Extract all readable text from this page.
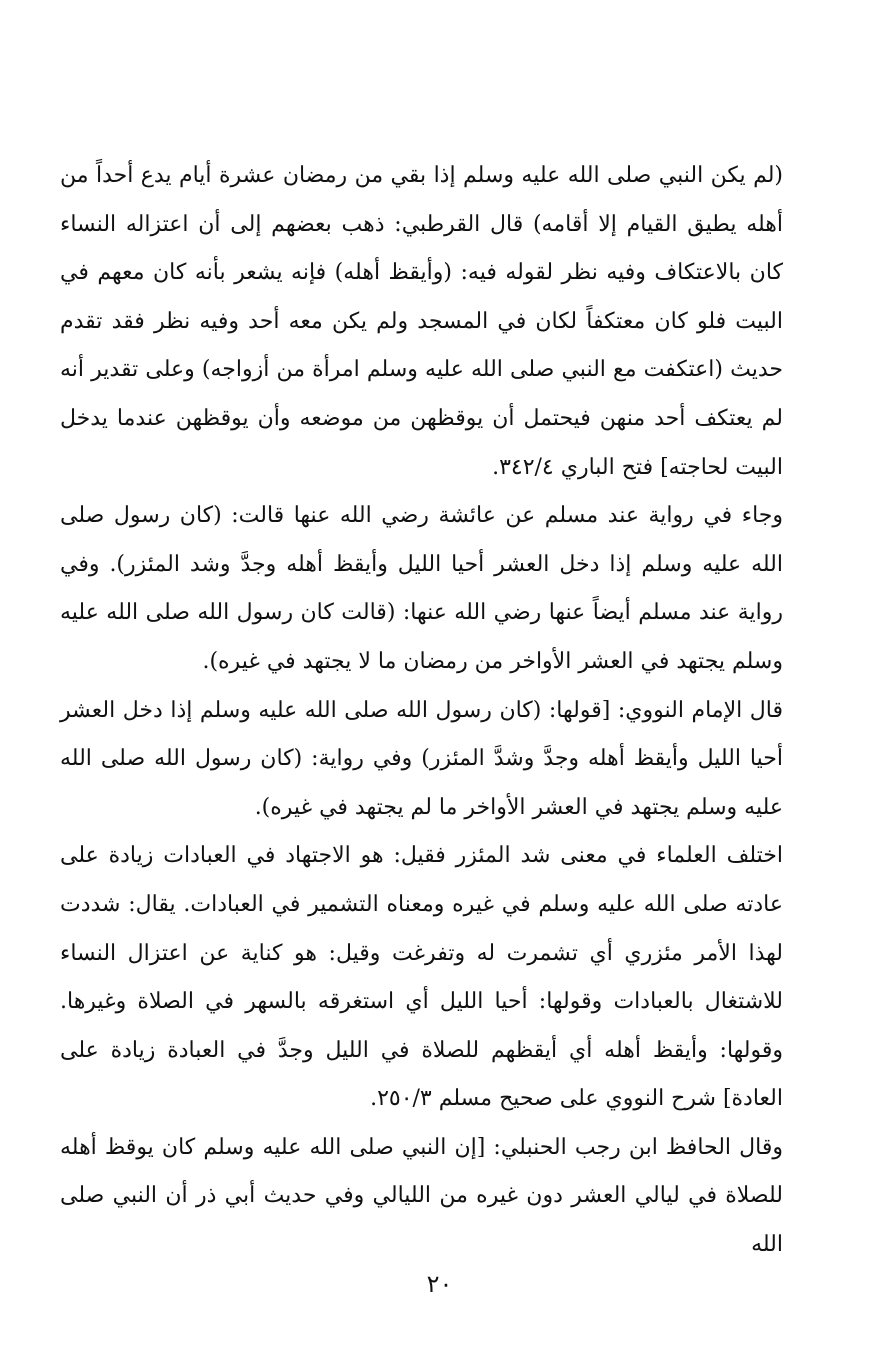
(لم يكن النبي صلى الله عليه وسلم إذا بقي من رمضان عشرة أيام يدع أحداً من أهله يطيق القيام إلا أقامه) قال القرطبي: ذهب بعضهم إلى أن اعتزاله النساء كان بالاعتكاف وفيه نظر لقوله فيه: (وأيقظ أهله) فإنه يشعر بأنه كان معهم في البيت فلو كان معتكفاً لكان في المسجد ولم يكن معه أحد وفيه نظر فقد تقدم حديث (اعتكفت مع النبي صلى الله عليه وسلم امرأة من أزواجه) وعلى تقدير أنه لم يعتكف أحد منهن فيحتمل أن يوقظهن من موضعه وأن يوقظهن عندما يدخل البيت لحاجته] فتح الباري ٣٤٢/٤.

وجاء في رواية عند مسلم عن عائشة رضي الله عنها قالت: (كان رسول صلى الله عليه وسلم إذا دخل العشر أحيا الليل وأيقظ أهله وجدَّ وشد المئزر). وفي رواية عند مسلم أيضاً عنها رضي الله عنها: (قالت كان رسول الله صلى الله عليه وسلم يجتهد في العشر الأواخر من رمضان ما لا يجتهد في غيره).

قال الإمام النووي: [قولها: (كان رسول الله صلى الله عليه وسلم إذا دخل العشر أحيا الليل وأيقظ أهله وجدَّ وشدَّ المئزر) وفي رواية: (كان رسول الله صلى الله عليه وسلم يجتهد في العشر الأواخر ما لم يجتهد في غيره).

اختلف العلماء في معنى شد المئزر فقيل: هو الاجتهاد في العبادات زيادة على عادته صلى الله عليه وسلم في غيره ومعناه التشمير في العبادات. يقال: شددت لهذا الأمر مئزري أي تشمرت له وتفرغت وقيل: هو كناية عن اعتزال النساء للاشتغال بالعبادات وقولها: أحيا الليل أي استغرقه بالسهر في الصلاة وغيرها. وقولها: وأيقظ أهله أي أيقظهم للصلاة في الليل وجدَّ في العبادة زيادة على العادة] شرح النووي على صحيح مسلم ٢٥٠/٣.

وقال الحافظ ابن رجب الحنبلي: [إن النبي صلى الله عليه وسلم كان يوقظ أهله للصلاة في ليالي العشر دون غيره من الليالي وفي حديث أبي ذر أن النبي صلى الله

٢٠
